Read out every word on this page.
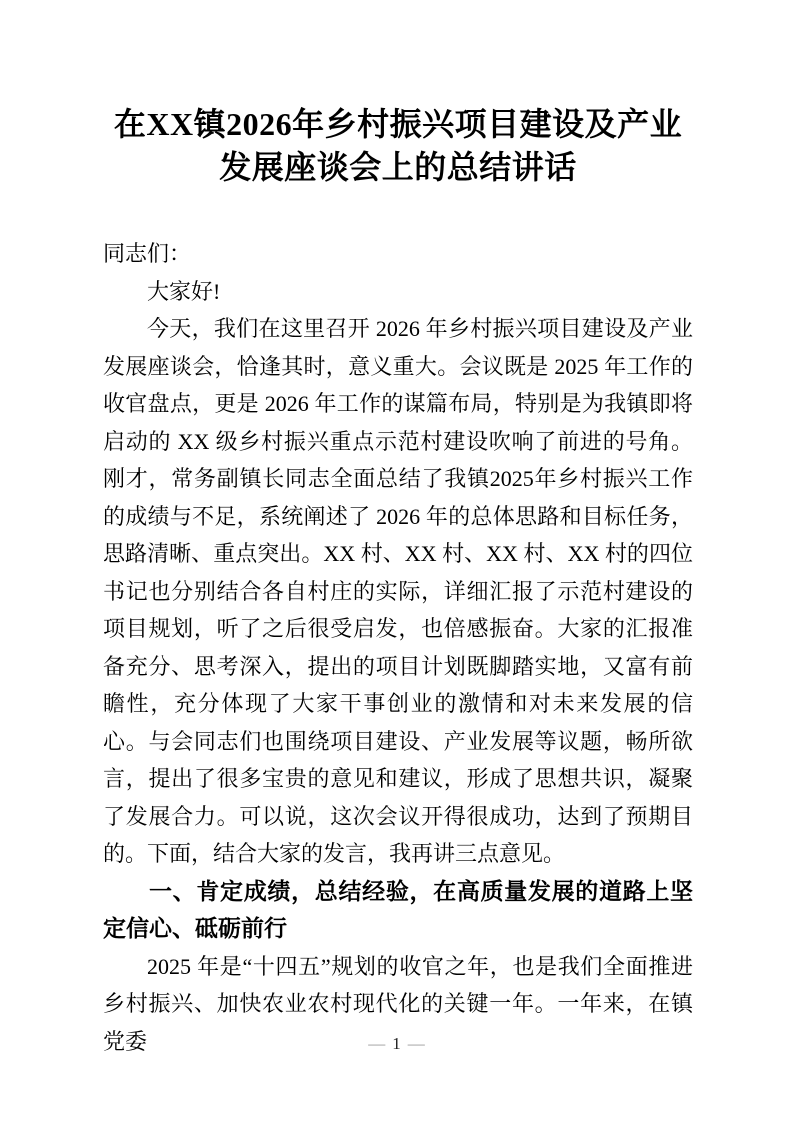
在XX镇2026年乡村振兴项目建设及产业
发展座谈会上的总结讲话

同志们：

大家好!

今天，我们在这里召开 2026 年乡村振兴项目建设及产业发展座谈会，恰逢其时，意义重大。会议既是 2025 年工作的收官盘点，更是 2026 年工作的谋篇布局，特别是为我镇即将启动的 XX 级乡村振兴重点示范村建设吹响了前进的号角。刚才，常务副镇长同志全面总结了我镇2025年乡村振兴工作的成绩与不足，系统阐述了 2026 年的总体思路和目标任务，思路清晰、重点突出。XX 村、XX 村、XX 村、XX 村的四位书记也分别结合各自村庄的实际，详细汇报了示范村建设的项目规划，听了之后很受启发，也倍感振奋。大家的汇报准备充分、思考深入，提出的项目计划既脚踏实地，又富有前瞻性，充分体现了大家干事创业的激情和对未来发展的信心。与会同志们也围绕项目建设、产业发展等议题，畅所欲言，提出了很多宝贵的意见和建议，形成了思想共识，凝聚了发展合力。可以说，这次会议开得很成功，达到了预期目的。下面，结合大家的发言，我再讲三点意见。

一、肯定成绩，总结经验，在高质量发展的道路上坚定信心、砥砺前行

2025 年是“十四五”规划的收官之年，也是我们全面推进乡村振兴、加快农业农村现代化的关键一年。一年来，在镇党委	— 1 —
